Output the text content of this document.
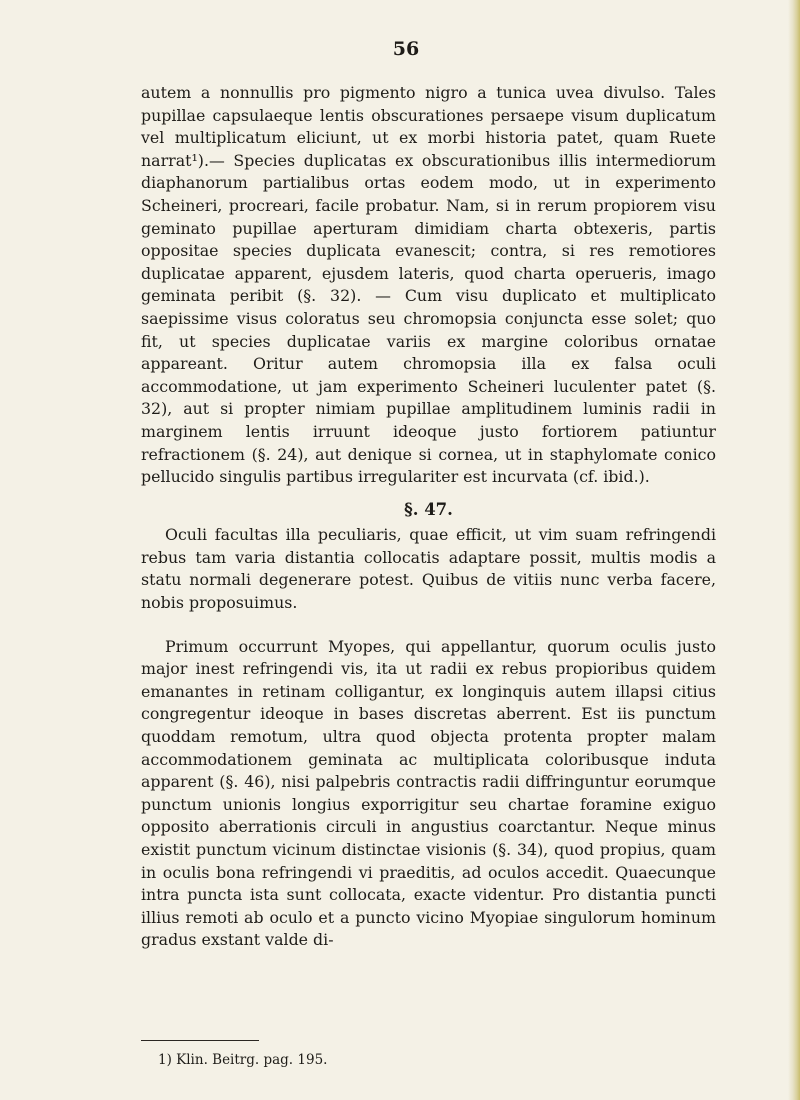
56

autem a nonnullis pro pigmento nigro a tunica uvea divulso. Tales pupillae capsulaeque lentis obscurationes persaepe visum duplicatum vel multiplicatum eliciunt, ut ex morbi historia patet, quam Ruete narrat¹).— Species duplicatas ex obscurationibus illis intermediorum diaphanorum partialibus ortas eodem modo, ut in experimento Scheineri, procreari, facile probatur. Nam, si in rerum propiorem visu geminato pupillae aperturam dimidiam charta obtexeris, partis oppositae species duplicata evanescit; contra, si res remotiores duplicatae apparent, ejusdem lateris, quod charta operueris, imago geminata peribit (§. 32). — Cum visu duplicato et multiplicato saepissime visus coloratus seu chromopsia conjuncta esse solet; quo fit, ut species duplicatae variis ex margine coloribus ornatae appareant. Oritur autem chromopsia illa ex falsa oculi accommodatione, ut jam experimento Scheineri luculenter patet (§. 32), aut si propter nimiam pupillae amplitudinem luminis radii in marginem lentis irruunt ideoque justo fortiorem patiuntur refractionem (§. 24), aut denique si cornea, ut in staphylomate conico pellucido singulis partibus irregulariter est incurvata (cf. ibid.).

§. 47.

Oculi facultas illa peculiaris, quae efficit, ut vim suam refringendi rebus tam varia distantia collocatis adaptare possit, multis modis a statu normali degenerare potest. Quibus de vitiis nunc verba facere, nobis proposuimus.

Primum occurrunt Myopes, qui appellantur, quorum oculis justo major inest refringendi vis, ita ut radii ex rebus propioribus quidem emanantes in retinam colligantur, ex longinquis autem illapsi citius congregentur ideoque in bases discretas aberrent. Est iis punctum quoddam remotum, ultra quod objecta protenta propter malam accommodationem geminata ac multiplicata coloribusque induta apparent (§. 46), nisi palpebris contractis radii diffringuntur eorumque punctum unionis longius exporrigitur seu chartae foramine exiguo opposito aberrationis circuli in angustius coarctantur. Neque minus existit punctum vicinum distinctae visionis (§. 34), quod propius, quam in oculis bona refringendi vi praeditis, ad oculos accedit. Quaecunque intra puncta ista sunt collocata, exacte videntur. Pro distantia puncti illius remoti ab oculo et a puncto vicino Myopiae singulorum hominum gradus exstant valde di-

1) Klin. Beitrg. pag. 195.
